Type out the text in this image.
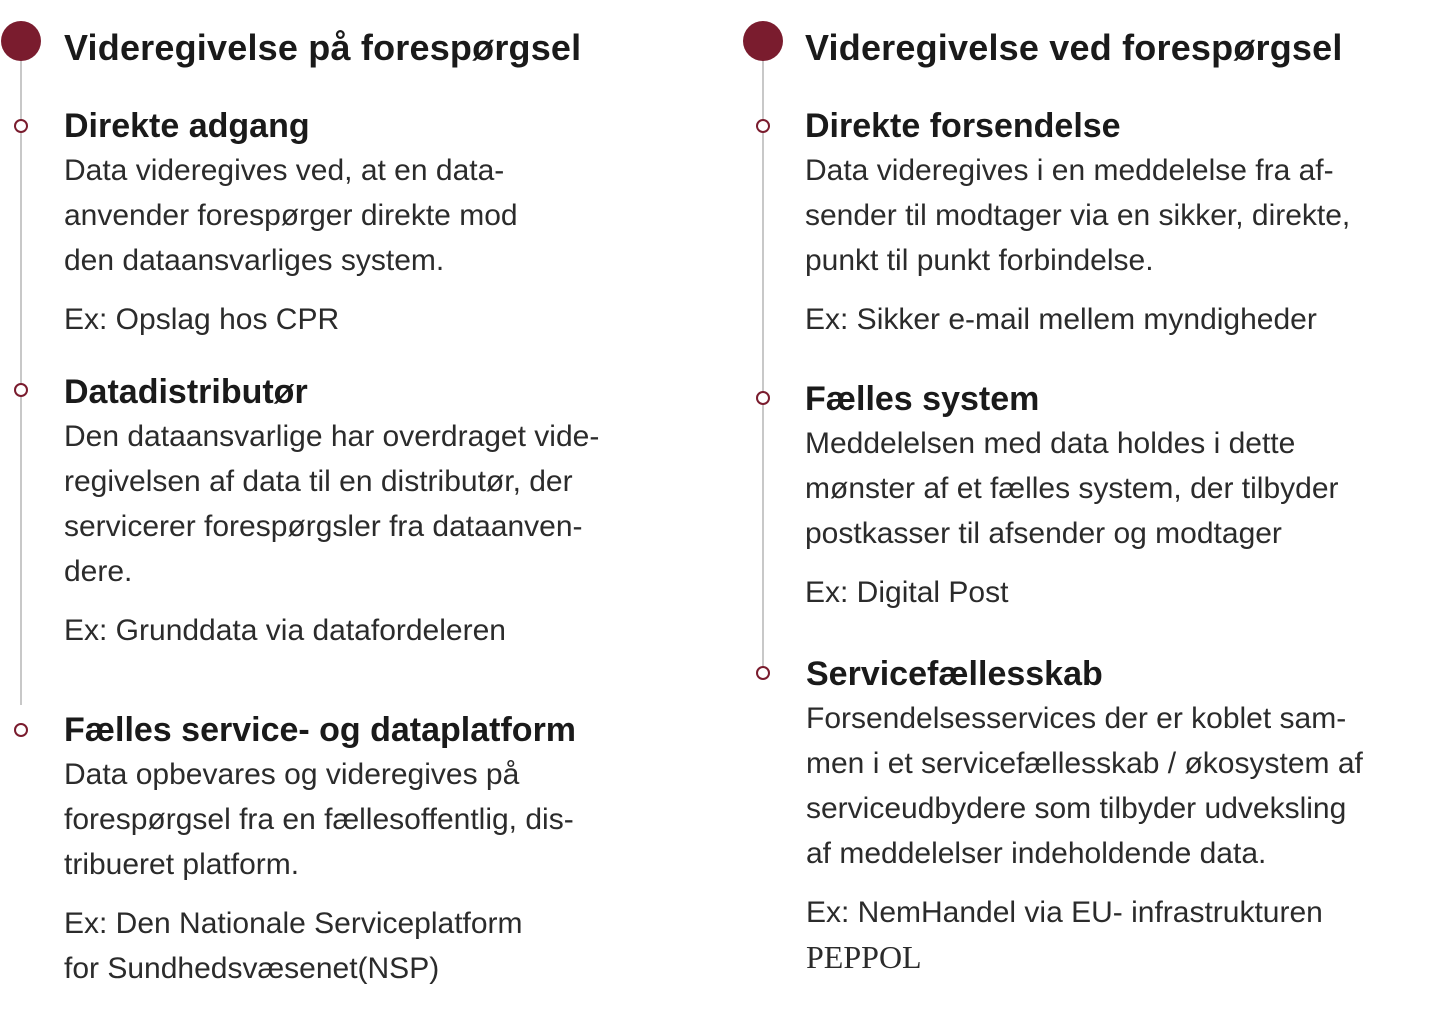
Videregivelse på forespørgsel

Direkte adgang

Data videregives ved, at en data-
anvender forespørger direkte mod
den dataansvarliges system.

Ex: Opslag hos CPR

Datadistributør

Den dataansvarlige har overdraget vide-
regivelsen af data til en distributør, der
servicerer forespørgsler fra dataanven-
dere.

Ex: Grunddata via datafordeleren

Fælles service- og dataplatform

Data opbevares og videregives på
forespørgsel fra en fællesoffentlig, dis-
tribueret platform.

Ex: Den Nationale Serviceplatform
for Sundhedsvæsenet(NSP)

Videregivelse ved forespørgsel

Direkte forsendelse

Data videregives i en meddelelse fra af-
sender til modtager via en sikker, direkte,
punkt til punkt forbindelse.

Ex: Sikker e-mail mellem myndigheder

Fælles system

Meddelelsen med data holdes i dette
mønster af et fælles system, der tilbyder
postkasser til afsender og modtager

Ex: Digital Post

Servicefællesskab

Forsendelsesservices der er koblet sam-
men i et servicefællesskab / økosystem af
serviceudbydere som tilbyder udveksling
af meddelelser indeholdende data.

Ex: NemHandel via EU- infrastrukturen
PEPPOL
